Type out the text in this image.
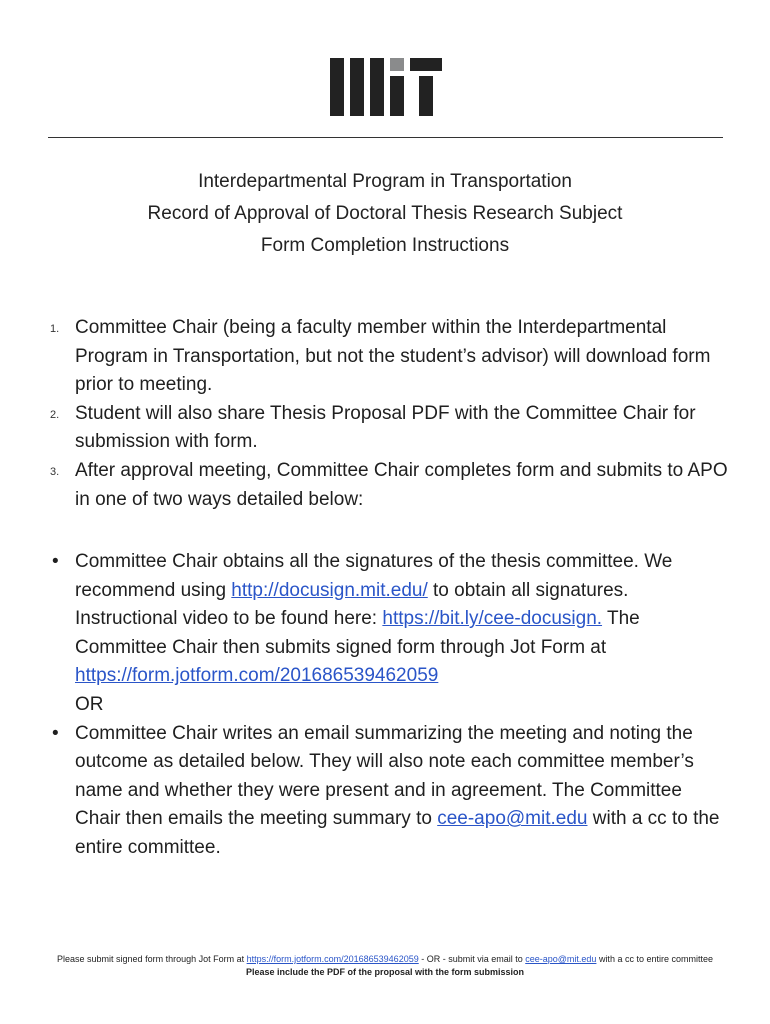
Interdepartmental Program in Transportation
Record of Approval of Doctoral Thesis Research Subject
Form Completion Instructions
1. Committee Chair (being a faculty member within the Interdepartmental Program in Transportation, but not the student’s advisor) will download form prior to meeting.
2. Student will also share Thesis Proposal PDF with the Committee Chair for submission with form.
3. After approval meeting, Committee Chair completes form and submits to APO in one of two ways detailed below:
• Committee Chair obtains all the signatures of the thesis committee. We recommend using http://docusign.mit.edu/ to obtain all signatures. Instructional video to be found here: https://bit.ly/cee-docusign. The Committee Chair then submits signed form through Jot Form at https://form.jotform.com/201686539462059
OR
• Committee Chair writes an email summarizing the meeting and noting the outcome as detailed below. They will also note each committee member’s name and whether they were present and in agreement. The Committee Chair then emails the meeting summary to cee-apo@mit.edu with a cc to the entire committee.
Please submit signed form through Jot Form at https://form.jotform.com/201686539462059 - OR - submit via email to cee-apo@mit.edu with a cc to entire committee
Please include the PDF of the proposal with the form submission
